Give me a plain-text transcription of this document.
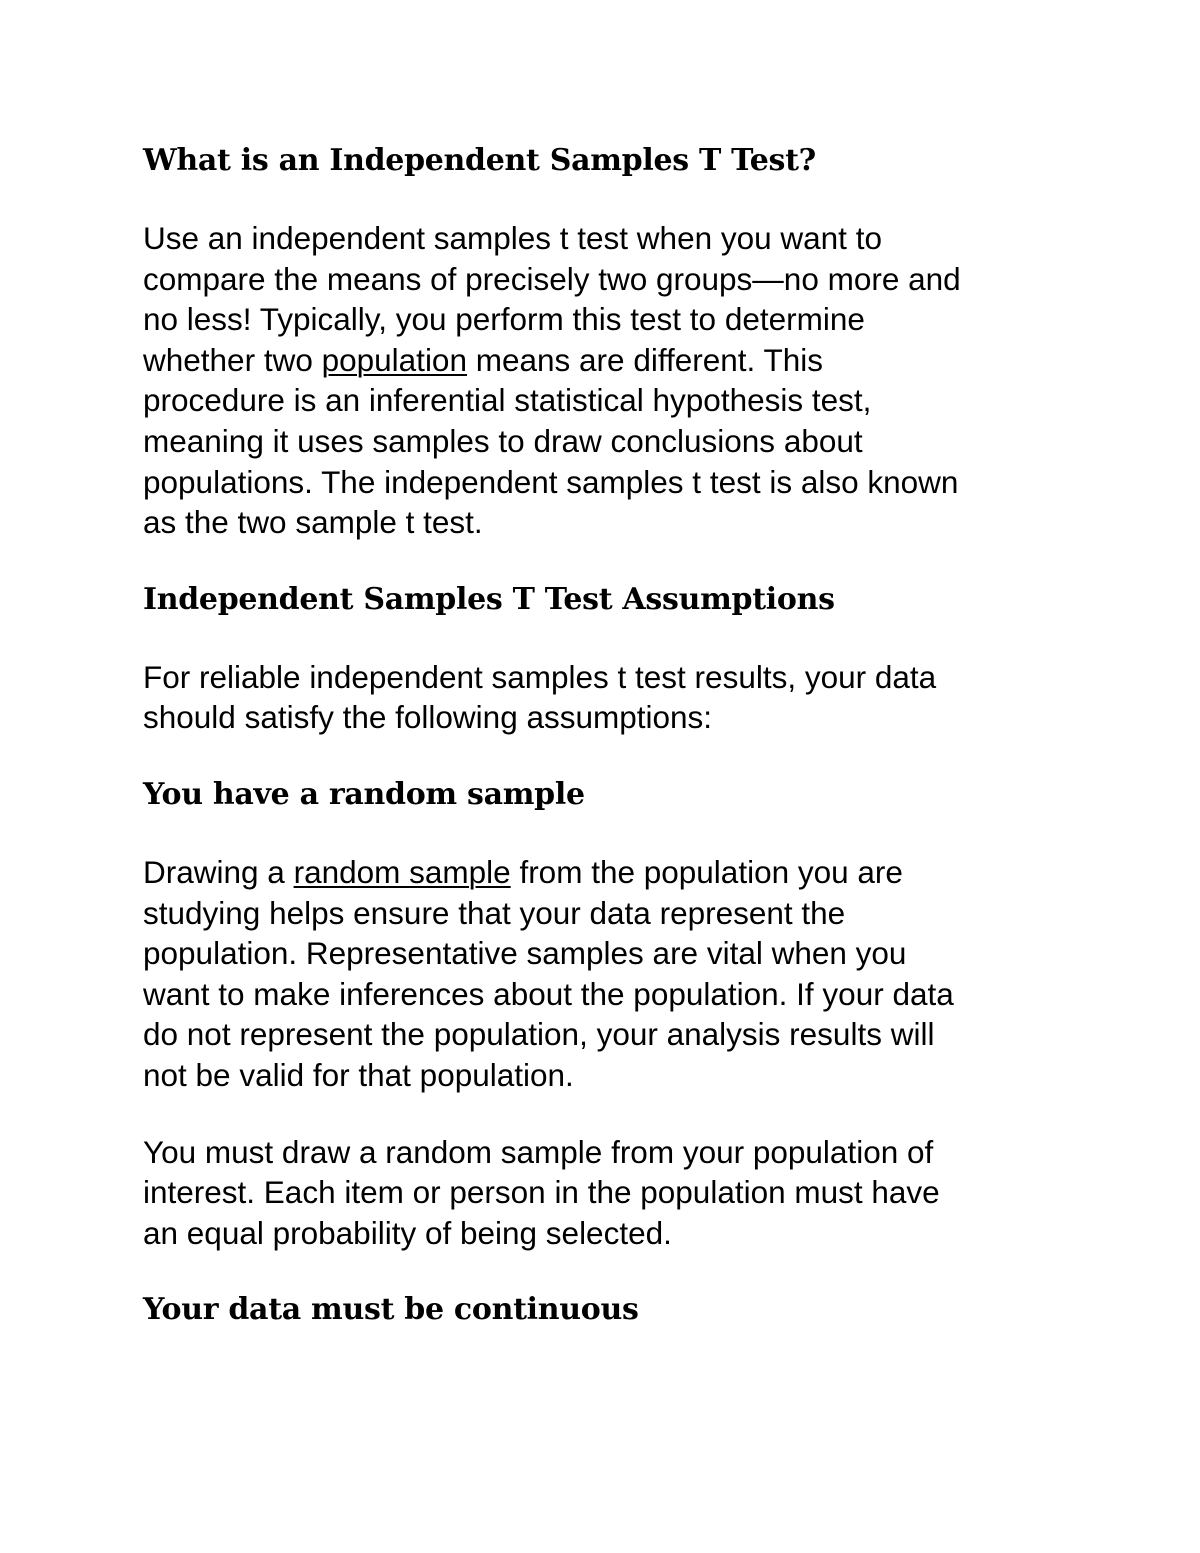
What is an Independent Samples T Test?

Use an independent samples t test when you want to
compare the means of precisely two groups—no more and
no less! Typically, you perform this test to determine
whether two population means are different. This
procedure is an inferential statistical hypothesis test,
meaning it uses samples to draw conclusions about
populations. The independent samples t test is also known
as the two sample t test.

Independent Samples T Test Assumptions

For reliable independent samples t test results, your data
should satisfy the following assumptions:

You have a random sample

Drawing a random sample from the population you are
studying helps ensure that your data represent the
population. Representative samples are vital when you
want to make inferences about the population. If your data
do not represent the population, your analysis results will
not be valid for that population.

You must draw a random sample from your population of
interest. Each item or person in the population must have
an equal probability of being selected.

Your data must be continuous
